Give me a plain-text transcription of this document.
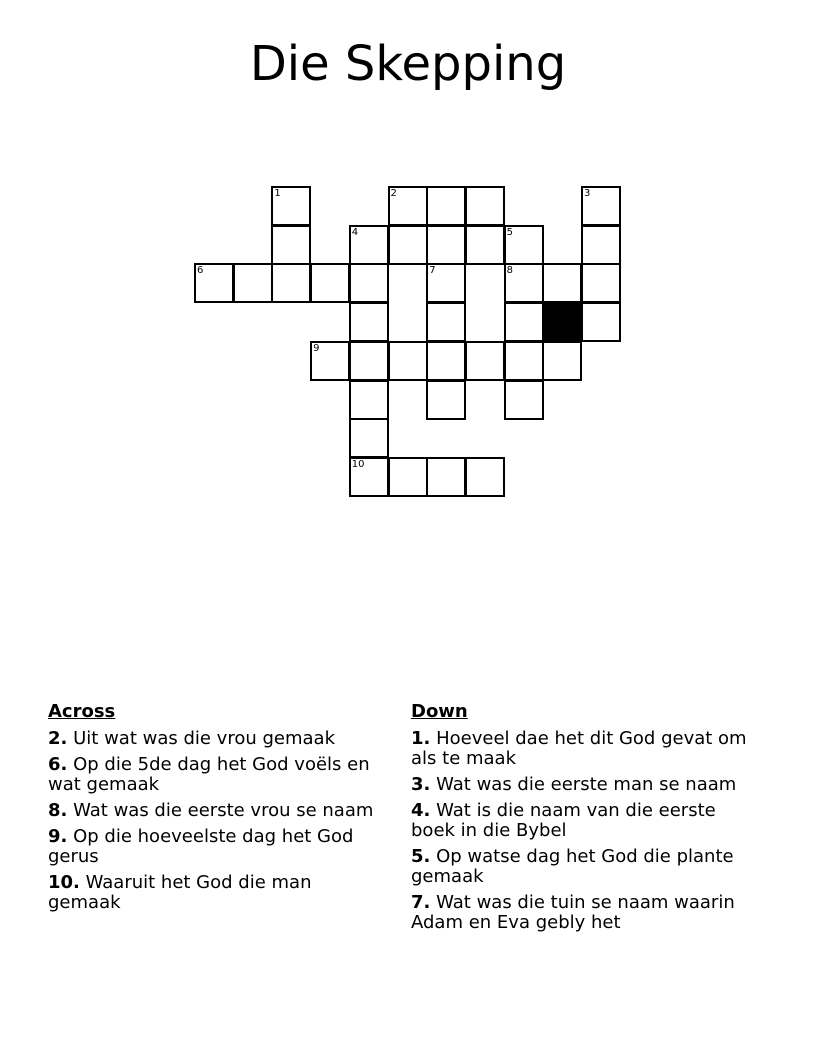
Die Skepping
1	2	3
4	5
6	7	8
9
10
Across
2. Uit wat was die vrou gemaak
6. Op die 5de dag het God voëls en wat gemaak
8. Wat was die eerste vrou se naam
9. Op die hoeveelste dag het God gerus
10. Waaruit het God die man gemaak
Down
1. Hoeveel dae het dit God gevat om als te maak
3. Wat was die eerste man se naam
4. Wat is die naam van die eerste boek in die Bybel
5. Op watse dag het God die plante gemaak
7. Wat was die tuin se naam waarin Adam en Eva gebly het
